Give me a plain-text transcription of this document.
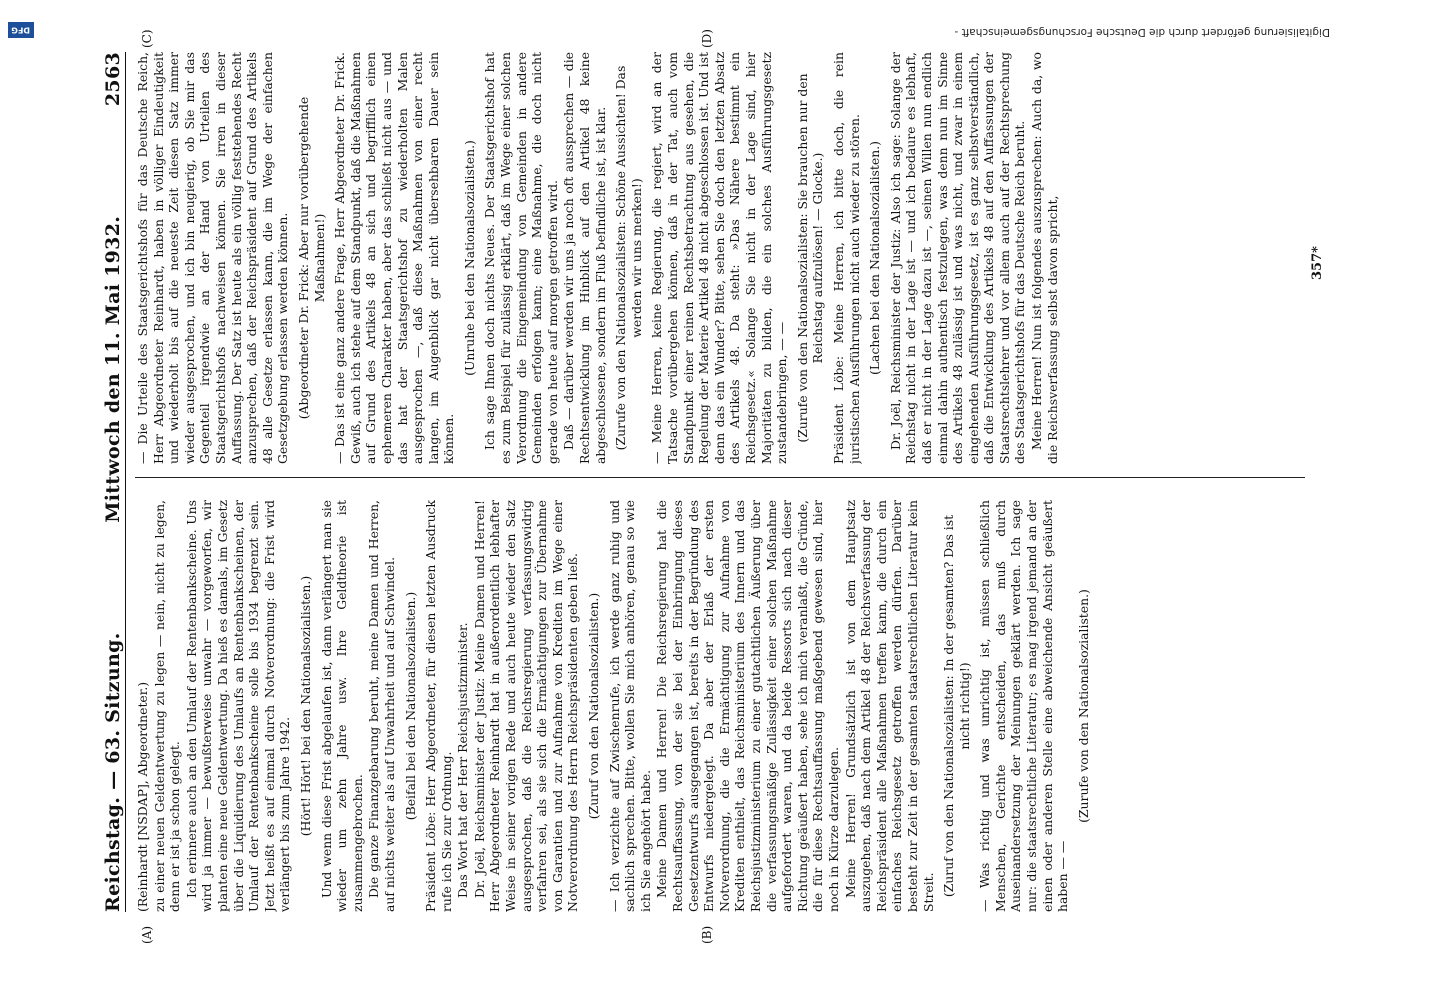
Reichstag. — 63. Sitzung.
Mittwoch den 11. Mai 1932.
2563
(A)	(B)
(C)	(D)

(Reinhardt [NSDAP], Abgeordneter.) zu einer neuen Geldentwertung zu legen — nein, nicht zu legen, denn er ist ja schon gelegt. Ich erinnere auch an den Umlauf der Rentenbankscheine. Uns wird ja immer — bewußterweise unwahr — vorgeworfen, wir planten eine neue Geldentwertung. Da hieß es damals, im Gesetz über die Liquidierung des Umlaufs an Rentenbankscheinen, der Umlauf der Rentenbankscheine solle bis 1934 begrenzt sein. Jetzt heißt es auf einmal durch Notverordnung: die Frist wird verlängert bis zum Jahre 1942. (Hört! Hört! bei den Nationalsozialisten.) Und wenn diese Frist abgelaufen ist, dann verlängert man sie wieder um zehn Jahre usw. Ihre Geldtheorie ist zusammengebrochen. Die ganze Finanzgebarung beruht, meine Damen und Herren, auf nichts weiter als auf Unwahrheit und auf Schwindel. (Beifall bei den Nationalsozialisten.) Präsident Löbe: Herr Abgeordneter, für diesen letzten Ausdruck rufe ich Sie zur Ordnung. Das Wort hat der Herr Reichsjustizminister. Dr. Joël, Reichsminister der Justiz: Meine Damen und Herren! Herr Abgeordneter Reinhardt hat in außerordentlich lebhafter Weise in seiner vorigen Rede und auch heute wieder den Satz ausgesprochen, daß die Reichsregierung verfassungswidrig verfahren sei, als sie sich die Ermächtigungen zur Übernahme von Garantien und zur Aufnahme von Krediten im Wege einer Notverordnung des Herrn Reichspräsidenten geben ließ. (Zuruf von den Nationalsozialisten.) — Ich verzichte auf Zwischenrufe, ich werde ganz ruhig und sachlich sprechen. Bitte, wollen Sie mich anhören, genau so wie ich Sie angehört habe. Meine Damen und Herren! Die Reichsregierung hat die Rechtsauffassung, von der sie bei der Einbringung dieses Gesetzentwurfs ausgegangen ist, bereits in der Begründung des Entwurfs niedergelegt. Da aber der Erlaß der ersten Notverordnung, die die Ermächtigung zur Aufnahme von Krediten enthielt, das Reichsministerium des Innern und das Reichsjustizministerium zu einer gutachtlichen Äußerung über die verfassungsmäßige Zulässigkeit einer solchen Maßnahme aufgefordert waren, und da beide Ressorts sich nach dieser Richtung geäußert haben, sehe ich mich veranlaßt, die Gründe, die für diese Rechtsauffassung maßgebend gewesen sind, hier noch in Kürze darzulegen. Meine Herren! Grundsätzlich ist von dem Hauptsatz auszugehen, daß nach dem Artikel 48 der Reichsverfassung der Reichspräsident alle Maßnahmen treffen kann, die durch ein einfaches Reichsgesetz getroffen werden dürfen. Darüber besteht zur Zeit in der gesamten staatsrechtlichen Literatur kein Streit. (Zuruf von den Nationalsozialisten: In der gesamten? Das ist nicht richtig!) — Was richtig und was unrichtig ist, müssen schließlich Menschen, Gerichte entscheiden, das muß durch Auseinandersetzung der Meinungen geklärt werden. Ich sage nur: die staatsrechtliche Literatur; es mag irgend jemand an der einen oder anderen Stelle eine abweichende Ansicht geäußert haben — —

(Zurufe von den Nationalsozialisten.)

— Die Urteile des Staatsgerichtshofs für das Deutsche Reich, Herr Abgeordneter Reinhardt, haben in völliger Eindeutigkeit und wiederholt bis auf die neueste Zeit diesen Satz immer wieder ausgesprochen, und ich bin neugierig, ob Sie mir das Gegenteil irgendwie an der Hand von Urteilen des Staatsgerichtshofs nachweisen können. Sie irren in dieser Auffassung. Der Satz ist heute als ein völlig feststehendes Recht anzusprechen, daß der Reichspräsident auf Grund des Artikels 48 alle Gesetze erlassen kann, die im Wege der einfachen Gesetzgebung erlassen werden können. (Abgeordneter Dr. Frick: Aber nur vorübergehende Maßnahmen!) — Das ist eine ganz andere Frage, Herr Abgeordneter Dr. Frick. Gewiß, auch ich stehe auf dem Standpunkt, daß die Maßnahmen auf Grund des Artikels 48 an sich und begrifflich einen ephemeren Charakter haben, aber das schließt nicht aus — und das hat der Staatsgerichtshof zu wiederholten Malen ausgesprochen —, daß diese Maßnahmen von einer recht langen, im Augenblick gar nicht übersehbaren Dauer sein können.

(Unruhe bei den Nationalsozialisten.) Ich sage Ihnen doch nichts Neues. Der Staatsgerichtshof hat es zum Beispiel für zulässig erklärt, daß im Wege einer solchen Verordnung die Eingemeindung von Gemeinden in andere Gemeinden erfolgen kann; eine Maßnahme, die doch nicht gerade von heute auf morgen getroffen wird. Daß — darüber werden wir uns ja noch oft aussprechen — die Rechtsentwicklung im Hinblick auf den Artikel 48 keine abgeschlossene, sondern im Fluß befindliche ist, ist klar. (Zurufe von den Nationalsozialisten: Schöne Aussichten! Das werden wir uns merken!) — Meine Herren, keine Regierung, die regiert, wird an der Tatsache vorübergehen können, daß in der Tat, auch vom Standpunkt einer reinen Rechtsbetrachtung aus gesehen, die Regelung der Materie Artikel 48 nicht abgeschlossen ist. Und ist denn das ein Wunder? Bitte, sehen Sie doch den letzten Absatz des Artikels 48. Da steht: »Das Nähere bestimmt ein Reichsgesetz.« Solange Sie nicht in der Lage sind, hier Majoritäten zu bilden, die ein solches Ausführungsgesetz zustandebringen, — — (Zurufe von den Nationalsozialisten: Sie brauchen nur den Reichstag aufzulösen! — Glocke.) Präsident Löbe: Meine Herren, ich bitte doch, die rein juristischen Ausführungen nicht auch wieder zu stören. (Lachen bei den Nationalsozialisten.) Dr. Joël, Reichsminister der Justiz: Also ich sage: Solange der Reichstag nicht in der Lage ist — und ich bedaure es lebhaft, daß er nicht in der Lage dazu ist —, seinen Willen nun endlich einmal dahin authentisch festzulegen, was denn nun im Sinne des Artikels 48 zulässig ist und was nicht, und zwar in einem eingehenden Ausführungsgesetz, ist es ganz selbstverständlich, daß die Entwicklung des Artikels 48 auf den Auffassungen der Staatsrechtslehrer und vor allem auch auf der Rechtsprechung des Staatsgerichtshofs für das Deutsche Reich beruht. Meine Herren! Nun ist folgendes auszusprechen: Auch da, wo die Reichsverfassung selbst davon spricht,	357*
DFG	Digitalisierung gefördert durch die Deutsche Forschungsgemeinschaft -
